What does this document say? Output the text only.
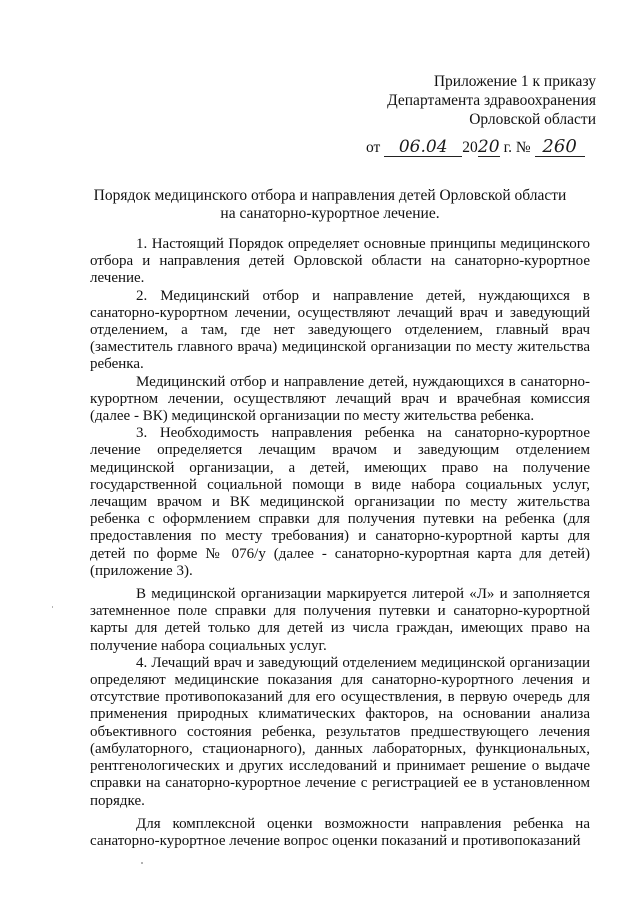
Приложение 1 к приказу
Департамента здравоохранения
Орловской области
от 06.04 2020 г. № 260
Порядок медицинского отбора и направления детей Орловской области
на санаторно-курортное лечение.

1. Настоящий Порядок определяет основные принципы медицинского отбора и направления детей Орловской области на санаторно-курортное лечение.

2. Медицинский отбор и направление детей, нуждающихся в санаторно-курортном лечении, осуществляют лечащий врач и заведующий отделением, а там, где нет заведующего отделением, главный врач (заместитель главного врача) медицинской организации по месту жительства ребенка.

Медицинский отбор и направление детей, нуждающихся в санаторно-курортном лечении, осуществляют лечащий врач и врачебная комиссия (далее - ВК) медицинской организации по месту жительства ребенка.

3. Необходимость направления ребенка на санаторно-курортное лечение определяется лечащим врачом и заведующим отделением медицинской организации, а детей, имеющих право на получение государственной социальной помощи в виде набора социальных услуг, лечащим врачом и ВК медицинской организации по месту жительства ребенка с оформлением справки для получения путевки на ребенка (для предоставления по месту требования) и санаторно-курортной карты для детей по форме № 076/у (далее - санаторно-курортная карта для детей) (приложение 3).

В медицинской организации маркируется литерой «Л» и заполняется затемненное поле справки для получения путевки и санаторно-курортной карты для детей только для детей из числа граждан, имеющих право на получение набора социальных услуг.

4. Лечащий врач и заведующий отделением медицинской организации определяют медицинские показания для санаторно-курортного лечения и отсутствие противопоказаний для его осуществления, в первую очередь для применения природных климатических факторов, на основании анализа объективного состояния ребенка, результатов предшествующего лечения (амбулаторного, стационарного), данных лабораторных, функциональных, рентгенологических и других исследований и принимает решение о выдаче справки на санаторно-курортное лечение с регистрацией ее в установленном порядке.

Для комплексной оценки возможности направления ребенка на санаторно-курортное лечение вопрос оценки показаний и противопоказаний
